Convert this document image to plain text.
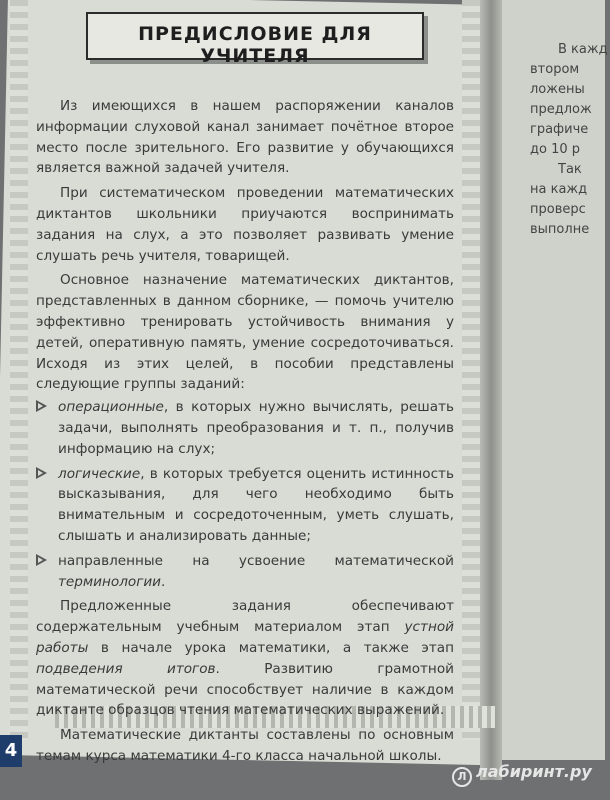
ПРЕДИСЛОВИЕ ДЛЯ УЧИТЕЛЯ

Из имеющихся в нашем распоряжении каналов информации слуховой канал занимает почётное второе место после зрительного. Его развитие у обучающихся является важной задачей учителя.

При систематическом проведении математических диктантов школьники приучаются воспринимать задания на слух, а это позволяет развивать умение слушать речь учителя, товарищей.

Основное назначение математических диктантов, представленных в данном сборнике, — помочь учителю эффективно тренировать устойчивость внимания у детей, оперативную память, умение сосредоточиваться. Исходя из этих целей, в пособии представлены следующие группы заданий:

операционные, в которых нужно вычислять, решать задачи, выполнять преобразования и т. п., получив информацию на слух;
логические, в которых требуется оценить истинность высказывания, для чего необходимо быть внимательным и сосредоточенным, уметь слушать, слышать и анализировать данные;
направленные на усвоение математической терминологии.

Предложенные задания обеспечивают содержательным учебным материалом этап устной работы в начале урока математики, а также этап подведения итогов. Развитию грамотной математической речи способствует наличие в каждом диктанте образцов чтения математических выражений.

Математические диктанты составлены по основным темам курса математики 4-го класса начальной школы.

В кажд
втором
ложены
предлож
графиче
до 10 р
Так
на кажд
проверс
выполне
4
Л лабиринт.ру
